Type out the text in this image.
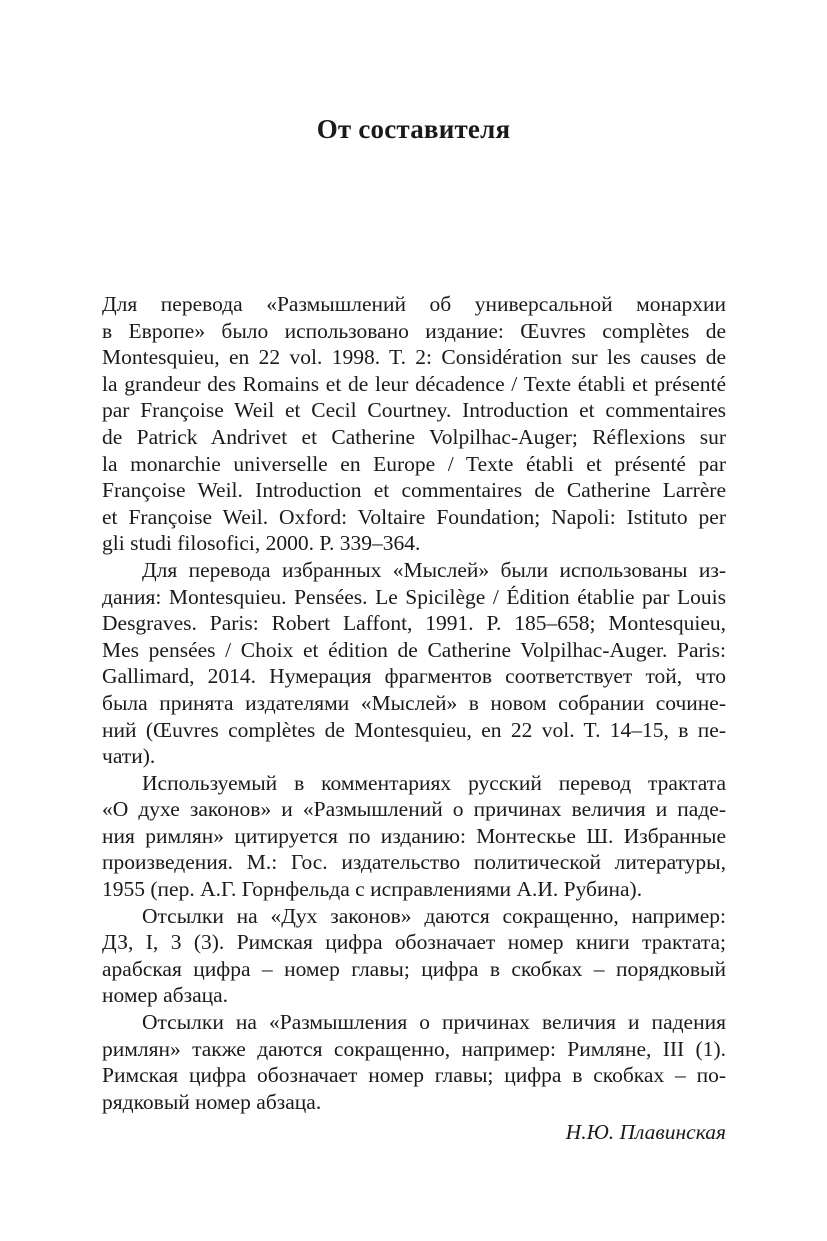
От составителя
Для перевода «Размышлений об универсальной монархии
в Европе» было использовано издание: Œuvres complètes de
Montesquieu, en 22 vol. 1998. T. 2: Considération sur les causes de
la grandeur des Romains et de leur décadence / Texte établi et présenté
par Françoise Weil et Cecil Courtney. Introduction et commentaires
de Patrick Andrivet et Catherine Volpilhac-Auger; Réflexions sur
la monarchie universelle en Europe / Texte établi et présenté par
Françoise Weil. Introduction et commentaires de Catherine Larrère
et Françoise Weil. Oxford: Voltaire Foundation; Napoli: Istituto per
gli studi filosofici, 2000. P. 339–364.
Для перевода избранных «Мыслей» были использованы из-
дания: Montesquieu. Pensées. Le Spicilège / Édition établie par Louis
Desgraves. Paris: Robert Laffont, 1991. P. 185–658; Montesquieu,
Mes pensées / Choix et édition de Catherine Volpilhac-Auger. Paris:
Gallimard, 2014. Нумерация фрагментов соответствует той, что
была принята издателями «Мыслей» в новом собрании сочине-
ний (Œuvres complètes de Montesquieu, en 22 vol. T. 14–15, в пе-
чати).
Используемый в комментариях русский перевод трактата
«О духе законов» и «Размышлений о причинах величия и паде-
ния римлян» цитируется по изданию: Монтескье Ш. Избранные
произведения. М.: Гос. издательство политической литературы,
1955 (пер. А.Г. Горнфельда с исправлениями А.И. Рубина).
Отсылки на «Дух законов» даются сокращенно, например:
ДЗ, I, 3 (3). Римская цифра обозначает номер книги трактата;
арабская цифра – номер главы; цифра в скобках – порядковый
номер абзаца.
Отсылки на «Размышления о причинах величия и падения
римлян» также даются сокращенно, например: Римляне, III (1).
Римская цифра обозначает номер главы; цифра в скобках – по-
рядковый номер абзаца.
Н.Ю. Плавинская
